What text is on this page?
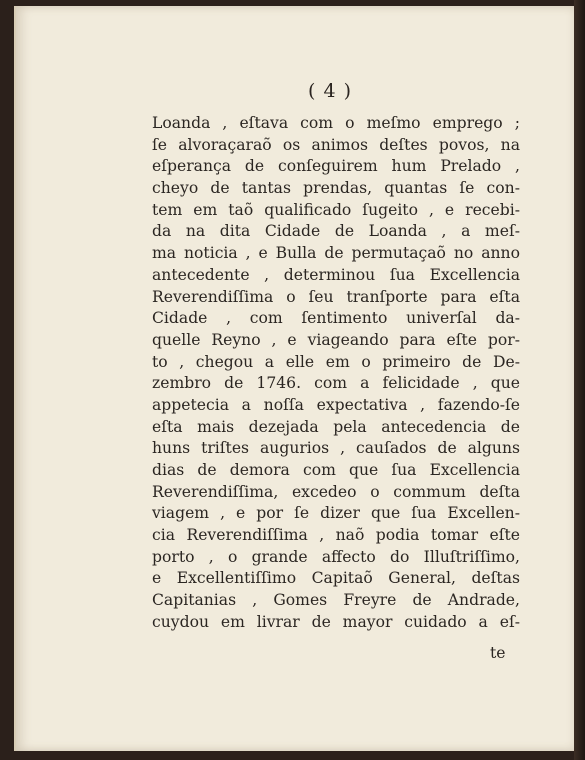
( 4 )
Loanda , eſtava com o meſmo emprego ;
ſe alvoraçaraõ os animos deſtes povos, na
eſperança de conſeguirem hum Prelado ,
cheyo de tantas prendas, quantas ſe con-
tem em taõ qualificado ſugeito , e recebi-
da na dita Cidade de Loanda , a meſ-
ma noticia , e Bulla de permutaçaõ no anno
antecedente , determinou ſua Excellencia
Reverendiſſima o ſeu tranſporte para eſta
Cidade , com ſentimento univerſal da-
quelle Reyno , e viageando para eſte por-
to , chegou a elle em o primeiro de De-
zembro de 1746. com a felicidade , que
appetecia a noſſa expectativa , fazendo-ſe
eſta mais dezejada pela antecedencia de
huns triſtes augurios , cauſados de alguns
dias de demora com que ſua Excellencia
Reverendiſſima, excedeo o commum deſta
viagem , e por ſe dizer que ſua Excellen-
cia Reverendiſſima , naõ podia tomar eſte
porto , o grande affecto do Illuſtriſſimo,
e Excellentiſſimo Capitaõ General, deſtas
Capitanias , Gomes Freyre de Andrade,
cuydou em livrar de mayor cuidado a eſ-
te
